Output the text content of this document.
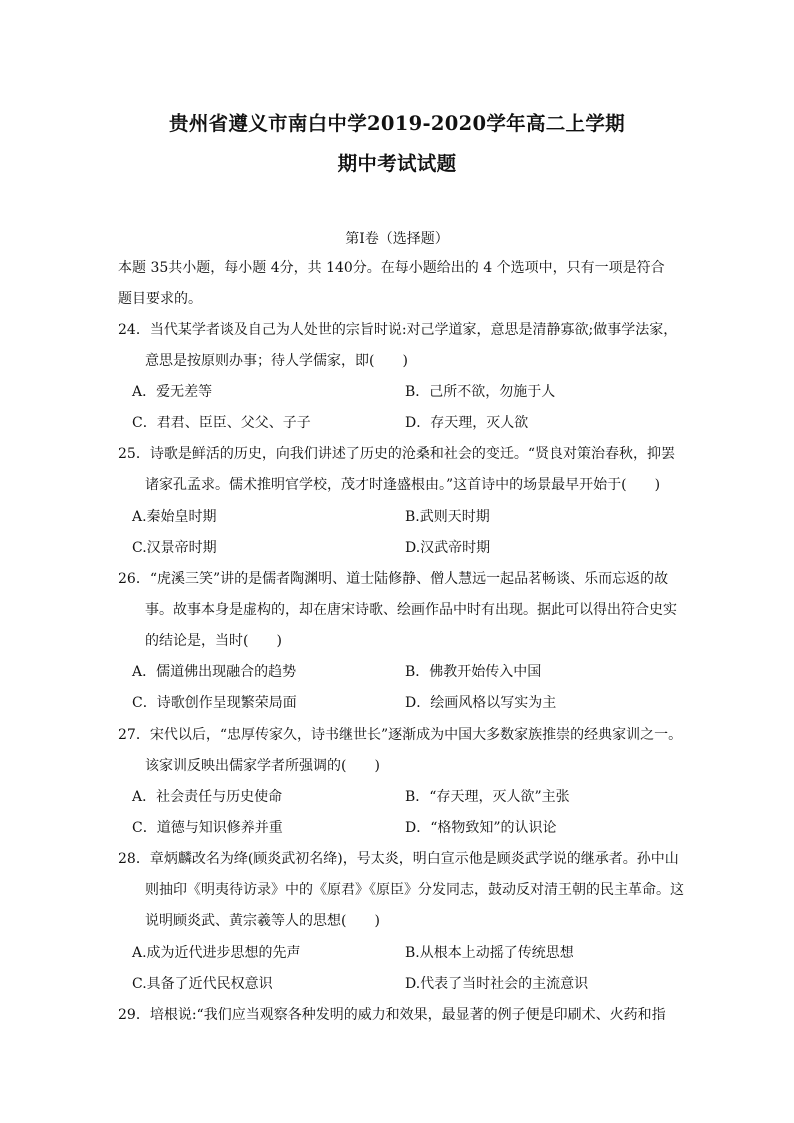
贵州省遵义市南白中学2019-2020学年高二上学期
期中考试试题
第Ⅰ卷（选择题）
本题 35共小题，每小题 4分，共 140分。在每小题给出的 4 个选项中，只有一项是符合
题目要求的。
24．当代某学者谈及自己为人处世的宗旨时说:对己学道家，意思是清静寡欲;做事学法家，
意思是按原则办事；待人学儒家，即(　　)
A．爱无差等	B．己所不欲，勿施于人
C．君君、臣臣、父父、子子	D．存天理，灭人欲
25．诗歌是鲜活的历史，向我们讲述了历史的沧桑和社会的变迁。“贤良对策治春秋，抑罢
诸家孔孟求。儒术推明官学校，茂才时逢盛根由。”这首诗中的场景最早开始于(　　)
A.秦始皇时期	B.武则天时期
C.汉景帝时期	D.汉武帝时期
26．“虎溪三笑”讲的是儒者陶渊明、道士陆修静、僧人慧远一起品茗畅谈、乐而忘返的故
事。故事本身是虚构的，却在唐宋诗歌、绘画作品中时有出现。据此可以得出符合史实
的结论是，当时(　　)
A．儒道佛出现融合的趋势	B．佛教开始传入中国
C．诗歌创作呈现繁荣局面	D．绘画风格以写实为主
27．宋代以后，“忠厚传家久，诗书继世长”逐渐成为中国大多数家族推崇的经典家训之一。
该家训反映出儒家学者所强调的(　　)
A．社会责任与历史使命	B．“存天理，灭人欲”主张
C．道德与知识修养并重	D．“格物致知”的认识论
28．章炳麟改名为绛(顾炎武初名绛)，号太炎，明白宣示他是顾炎武学说的继承者。孙中山
则抽印《明夷待访录》中的《原君》《原臣》分发同志，鼓动反对清王朝的民主革命。这
说明顾炎武、黄宗羲等人的思想(　　)
A.成为近代进步思想的先声	B.从根本上动摇了传统思想
C.具备了近代民权意识	D.代表了当时社会的主流意识
29．培根说:“我们应当观察各种发明的威力和效果，最显著的例子便是印刷术、火药和指
